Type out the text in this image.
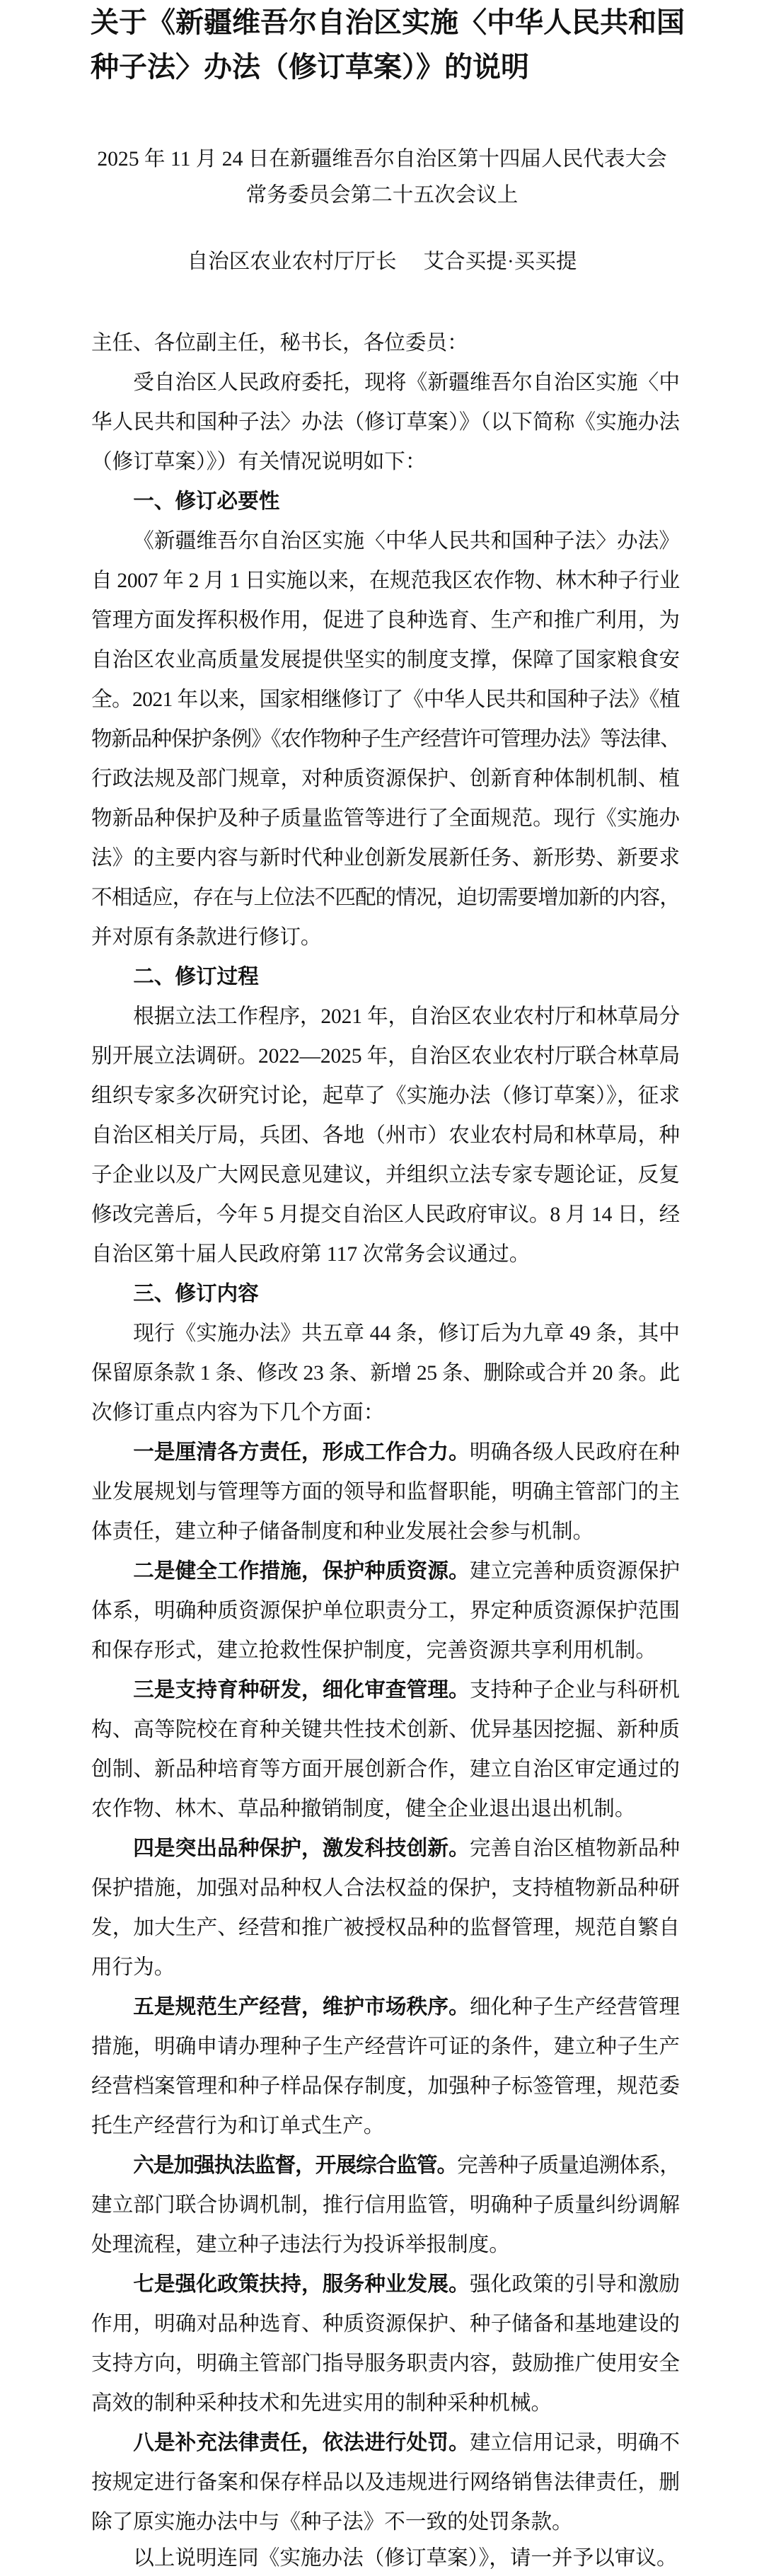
关于《新疆维吾尔自治区实施〈中华人民共和国
种子法〉办法（修订草案）》的说明
2025 年 11 月 24 日在新疆维吾尔自治区第十四届人民代表大会
常务委员会第二十五次会议上
自治区农业农村厅厅长 艾合买提·买买提

主任、各位副主任，秘书长，各位委员：

受自治区人民政府委托，现将《新疆维吾尔自治区实施〈中
华人民共和国种子法〉办法（修订草案）》（以下简称《实施办法
（修订草案）》）有关情况说明如下：

一、修订必要性

《新疆维吾尔自治区实施〈中华人民共和国种子法〉办法》
自 2007 年 2 月 1 日实施以来，在规范我区农作物、林木种子行业
管理方面发挥积极作用，促进了良种选育、生产和推广利用，为
自治区农业高质量发展提供坚实的制度支撑，保障了国家粮食安
全。2021 年以来，国家相继修订了《中华人民共和国种子法》《植
物新品种保护条例》《农作物种子生产经营许可管理办法》等法律、
行政法规及部门规章，对种质资源保护、创新育种体制机制、植
物新品种保护及种子质量监管等进行了全面规范。现行《实施办
法》的主要内容与新时代种业创新发展新任务、新形势、新要求
不相适应，存在与上位法不匹配的情况，迫切需要增加新的内容，
并对原有条款进行修订。

二、修订过程

根据立法工作程序，2021 年，自治区农业农村厅和林草局分
别开展立法调研。2022—2025 年，自治区农业农村厅联合林草局
组织专家多次研究讨论，起草了《实施办法（修订草案）》，征求
自治区相关厅局，兵团、各地（州市）农业农村局和林草局，种
子企业以及广大网民意见建议，并组织立法专家专题论证，反复
修改完善后，今年 5 月提交自治区人民政府审议。8 月 14 日，经
自治区第十届人民政府第 117 次常务会议通过。

三、修订内容

现行《实施办法》共五章 44 条，修订后为九章 49 条，其中
保留原条款 1 条、修改 23 条、新增 25 条、删除或合并 20 条。此
次修订重点内容为下几个方面：

一是厘清各方责任，形成工作合力。明确各级人民政府在种
业发展规划与管理等方面的领导和监督职能，明确主管部门的主
体责任，建立种子储备制度和种业发展社会参与机制。

二是健全工作措施，保护种质资源。建立完善种质资源保护
体系，明确种质资源保护单位职责分工，界定种质资源保护范围
和保存形式，建立抢救性保护制度，完善资源共享利用机制。

三是支持育种研发，细化审查管理。支持种子企业与科研机
构、高等院校在育种关键共性技术创新、优异基因挖掘、新种质
创制、新品种培育等方面开展创新合作，建立自治区审定通过的
农作物、林木、草品种撤销制度，健全企业退出退出机制。

四是突出品种保护，激发科技创新。完善自治区植物新品种
保护措施，加强对品种权人合法权益的保护，支持植物新品种研
发，加大生产、经营和推广被授权品种的监督管理，规范自繁自
用行为。

五是规范生产经营，维护市场秩序。细化种子生产经营管理
措施，明确申请办理种子生产经营许可证的条件，建立种子生产
经营档案管理和种子样品保存制度，加强种子标签管理，规范委
托生产经营行为和订单式生产。

六是加强执法监督，开展综合监管。完善种子质量追溯体系，
建立部门联合协调机制，推行信用监管，明确种子质量纠纷调解
处理流程，建立种子违法行为投诉举报制度。

七是强化政策扶持，服务种业发展。强化政策的引导和激励
作用，明确对品种选育、种质资源保护、种子储备和基地建设的
支持方向，明确主管部门指导服务职责内容，鼓励推广使用安全
高效的制种采种技术和先进实用的制种采种机械。

八是补充法律责任，依法进行处罚。建立信用记录，明确不
按规定进行备案和保存样品以及违规进行网络销售法律责任，删
除了原实施办法中与《种子法》不一致的处罚条款。

以上说明连同《实施办法（修订草案）》，请一并予以审议。
